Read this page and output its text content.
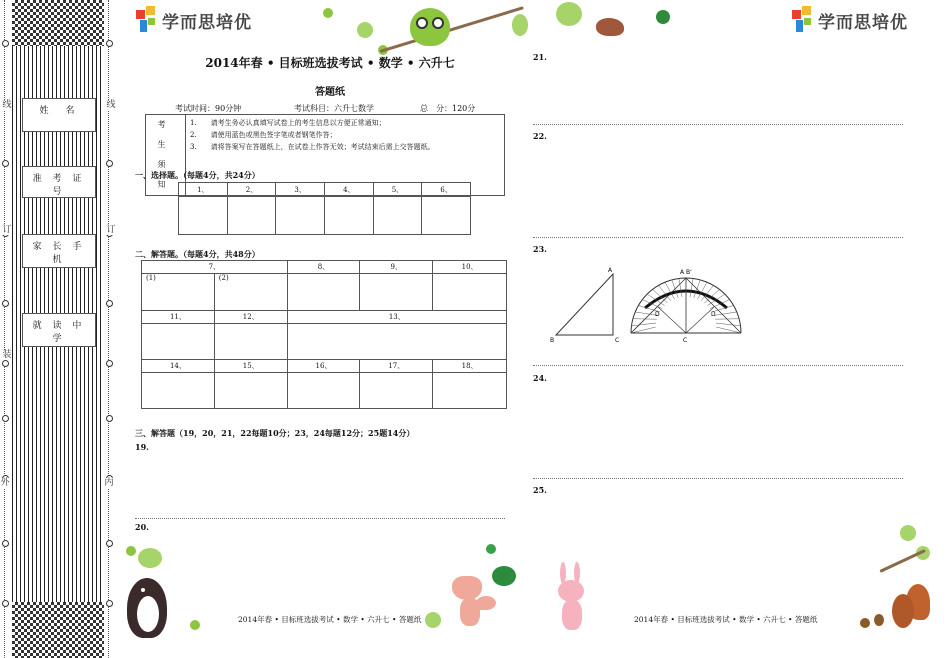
外	内
线
订
装
线
订
姓　名
准 考 证 号
家 长 手 机
就 读 中 学
学而思培优	学而思培优
2014年春 • 目标班选拔考试 • 数学 • 六升七
答题纸
考试时间：90分钟	考试科目：六升七数学	总　分：120分
考　生
须　知

1.　　请考生务必认真填写试卷上的考生信息以方便正常通知；
2.　　请使用蓝色或黑色签字笔或者钢笔作答；
3.　　请将答案写在答题纸上，在试卷上作答无效；考试结束后需上交答题纸。
一、选择题。（每题4分，共24分）
1、	2、	3、	4、	5、	6、

二、解答题。（每题4分，共48分）
7、		8、	9、	10、
(1)	(2)			
11、	12、	13、		

14、	15、	16、	17、	18、

三、解答题（19，20，21，22每题10分；23，24每题12分；25题14分）
19.
20.
2014年春 • 目标班选拔考试 • 数学 • 六升七 • 答题纸
21.
22.
23.
A
B	C
A B'
D	D
C
24.
25.
2014年春 • 目标班选拔考试 • 数学 • 六升七 • 答题纸
